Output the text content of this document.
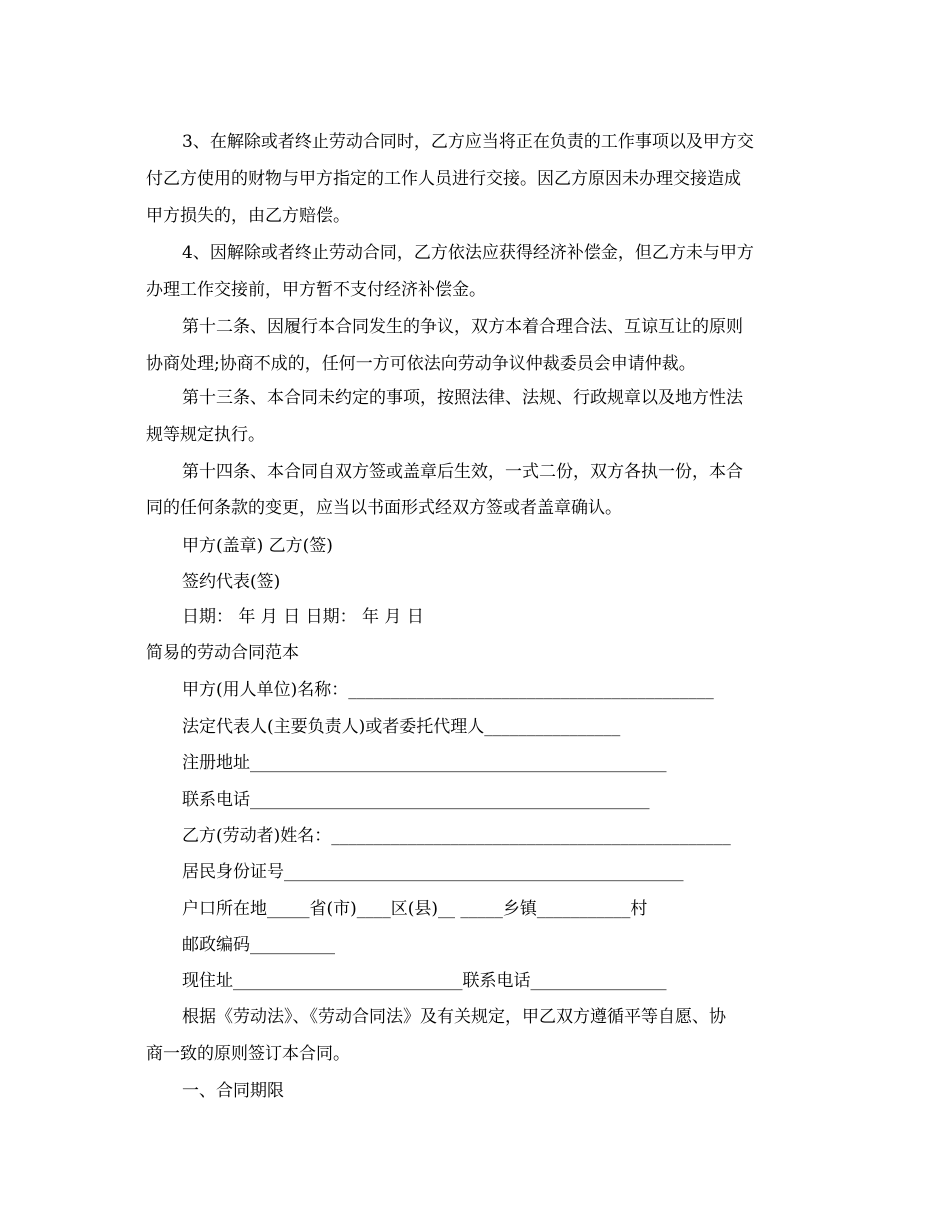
3、在解除或者终止劳动合同时，乙方应当将正在负责的工作事项以及甲方交
付乙方使用的财物与甲方指定的工作人员进行交接。因乙方原因未办理交接造成
甲方损失的，由乙方赔偿。
4、因解除或者终止劳动合同，乙方依法应获得经济补偿金，但乙方未与甲方
办理工作交接前，甲方暂不支付经济补偿金。
第十二条、因履行本合同发生的争议，双方本着合理合法、互谅互让的原则
协商处理;协商不成的，任何一方可依法向劳动争议仲裁委员会申请仲裁。
第十三条、本合同未约定的事项，按照法律、法规、行政规章以及地方性法
规等规定执行。
第十四条、本合同自双方签或盖章后生效，一式二份，双方各执一份，本合
同的任何条款的变更，应当以书面形式经双方签或者盖章确认。
甲方(盖章) 乙方(签)
签约代表(签)
日期： 年 月 日 日期： 年 月 日
简易的劳动合同范本
甲方(用人单位)名称：___________________________________________
法定代表人(主要负责人)或者委托代理人________________
注册地址_________________________________________________
联系电话_______________________________________________
乙方(劳动者)姓名：_______________________________________________
居民身份证号_______________________________________________
户口所在地_____省(市)____区(县)__ _____乡镇___________村
邮政编码__________
现住址___________________________联系电话________________
根据《劳动法》、《劳动合同法》及有关规定，甲乙双方遵循平等自愿、协
商一致的原则签订本合同。
一、合同期限
